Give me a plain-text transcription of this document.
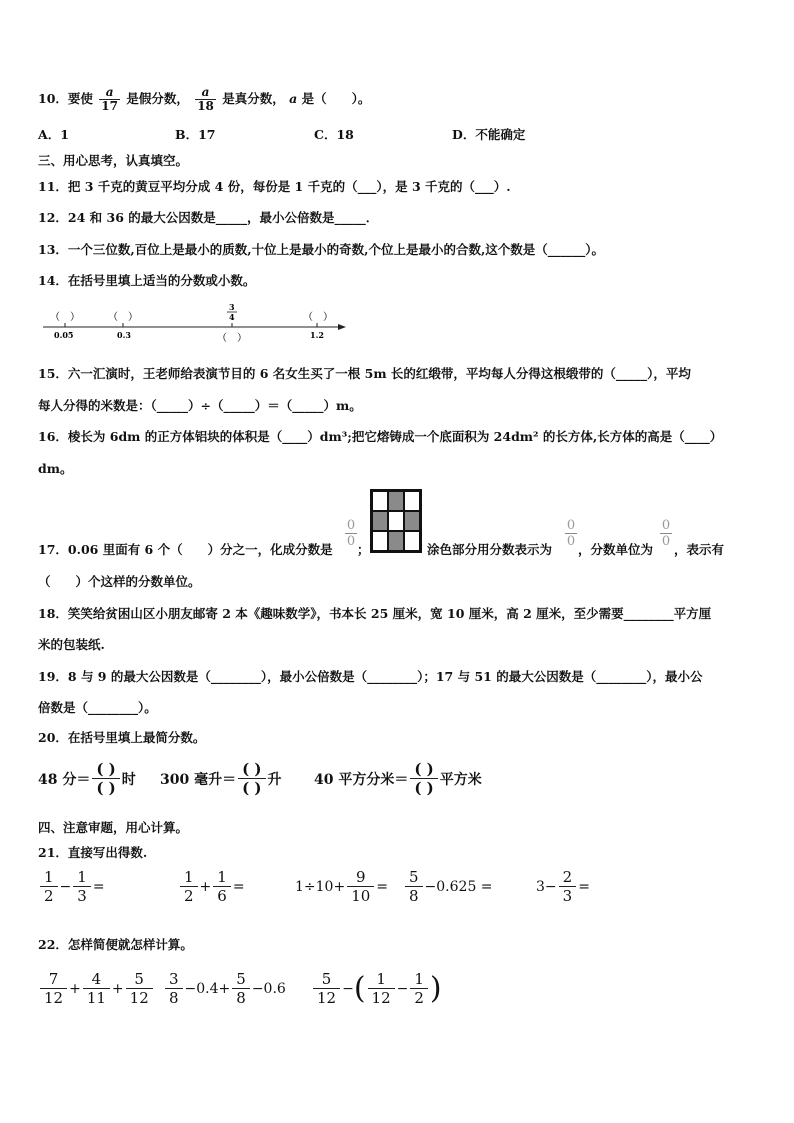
10．要使 $\frac{a}{17}$ 是假分数， $\frac{a}{18}$ 是真分数， a 是（　　）。
A．1	B．17	C．18	D．不能确定
三、用心思考，认真填空。
11．把 3 千克的黄豆平均分成 4 份，每份是 1 千克的（___），是 3 千克的（___）.
12．24 和 36 的最大公因数是_____，最小公倍数是_____．
13．一个三位数,百位上是最小的质数,十位上是最小的奇数,个位上是最小的合数,这个数是（______）。
14．在括号里填上适当的分数或小数。
（　）	（　）	（　）
（　）
3
4
0.05	0.3	1.2
15．六一汇演时，王老师给表演节目的 6 名女生买了一根 5m 长的红缎带，平均每人分得这根缎带的（_____），平均
每人分得的米数是：（_____）÷（_____）＝（_____）m。
16．棱长为 6dm 的正方体铝块的体积是（____）dm³;把它熔铸成一个底面积为 24dm² 的长方体,长方体的高是（____）
dm。
17．0.06 里面有 6 个（　　）分之一，化成分数是
0
0
；	涂色部分用分数表示为
0
0
，分数单位为
0
0
，表示有
（　　）个这样的分数单位。
18．笑笑给贫困山区小朋友邮寄 2 本《趣味数学》，书本长 25 厘米，宽 10 厘米，高 2 厘米，至少需要________平方厘
米的包装纸.
19．8 与 9 的最大公因数是（________），最小公倍数是（________）；17 与 51 的最大公因数是（________），最小公
倍数是（________）。
20．在括号里填上最简分数。
48 分＝
( )
( ) 时 300 毫升＝
( )
( ) 升 40 平方分米＝
( )
( ) 平方米
四、注意审题，用心计算。
21．直接写出得数.
1
2
− $\frac{1}{3}$ =
1
2
+ $\frac{1}{6}$ =	$1\div 10+ \frac{9}{10}$ =
5
8
−0.625 =	$3- \frac{2}{3}$ =
22．怎样简便就怎样计算。
7
12
+ $\frac{4}{11} + \frac{5}{12} 3$
8
$-0.4+ \frac{5}{8} -0.6$
5
12
− ( 1
12
− $\frac{1}{2}$ )
